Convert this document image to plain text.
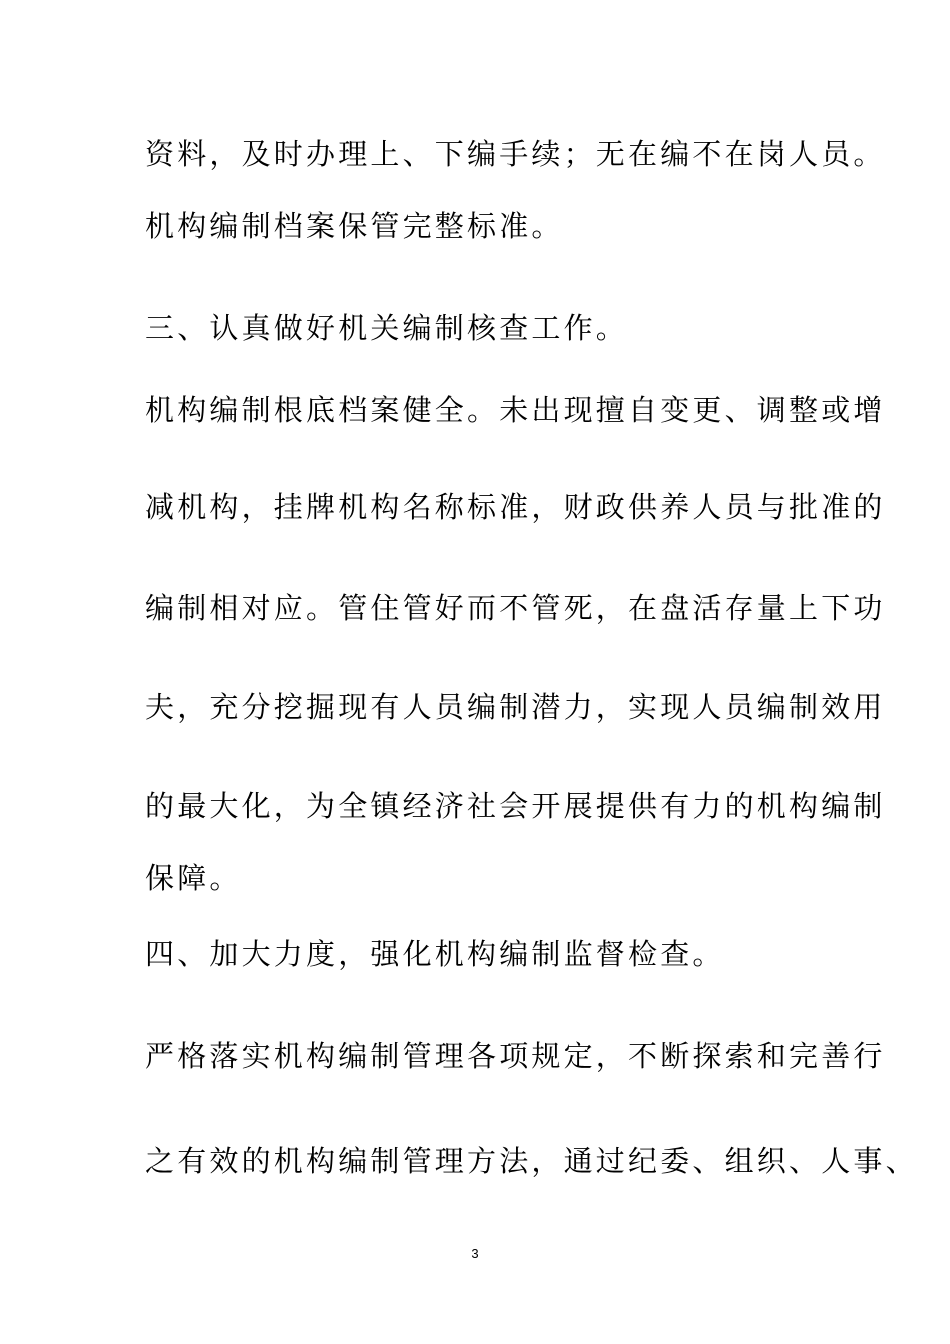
资料，及时办理上、下编手续；无在编不在岗人员。
机构编制档案保管完整标准。
三、认真做好机关编制核查工作。
机构编制根底档案健全。未出现擅自变更、调整或增
减机构，挂牌机构名称标准，财政供养人员与批准的
编制相对应。管住管好而不管死，在盘活存量上下功
夫，充分挖掘现有人员编制潜力，实现人员编制效用
的最大化，为全镇经济社会开展提供有力的机构编制
保障。
四、加大力度，强化机构编制监督检查。
严格落实机构编制管理各项规定，不断探索和完善行
之有效的机构编制管理方法，通过纪委、组织、人事、
3
